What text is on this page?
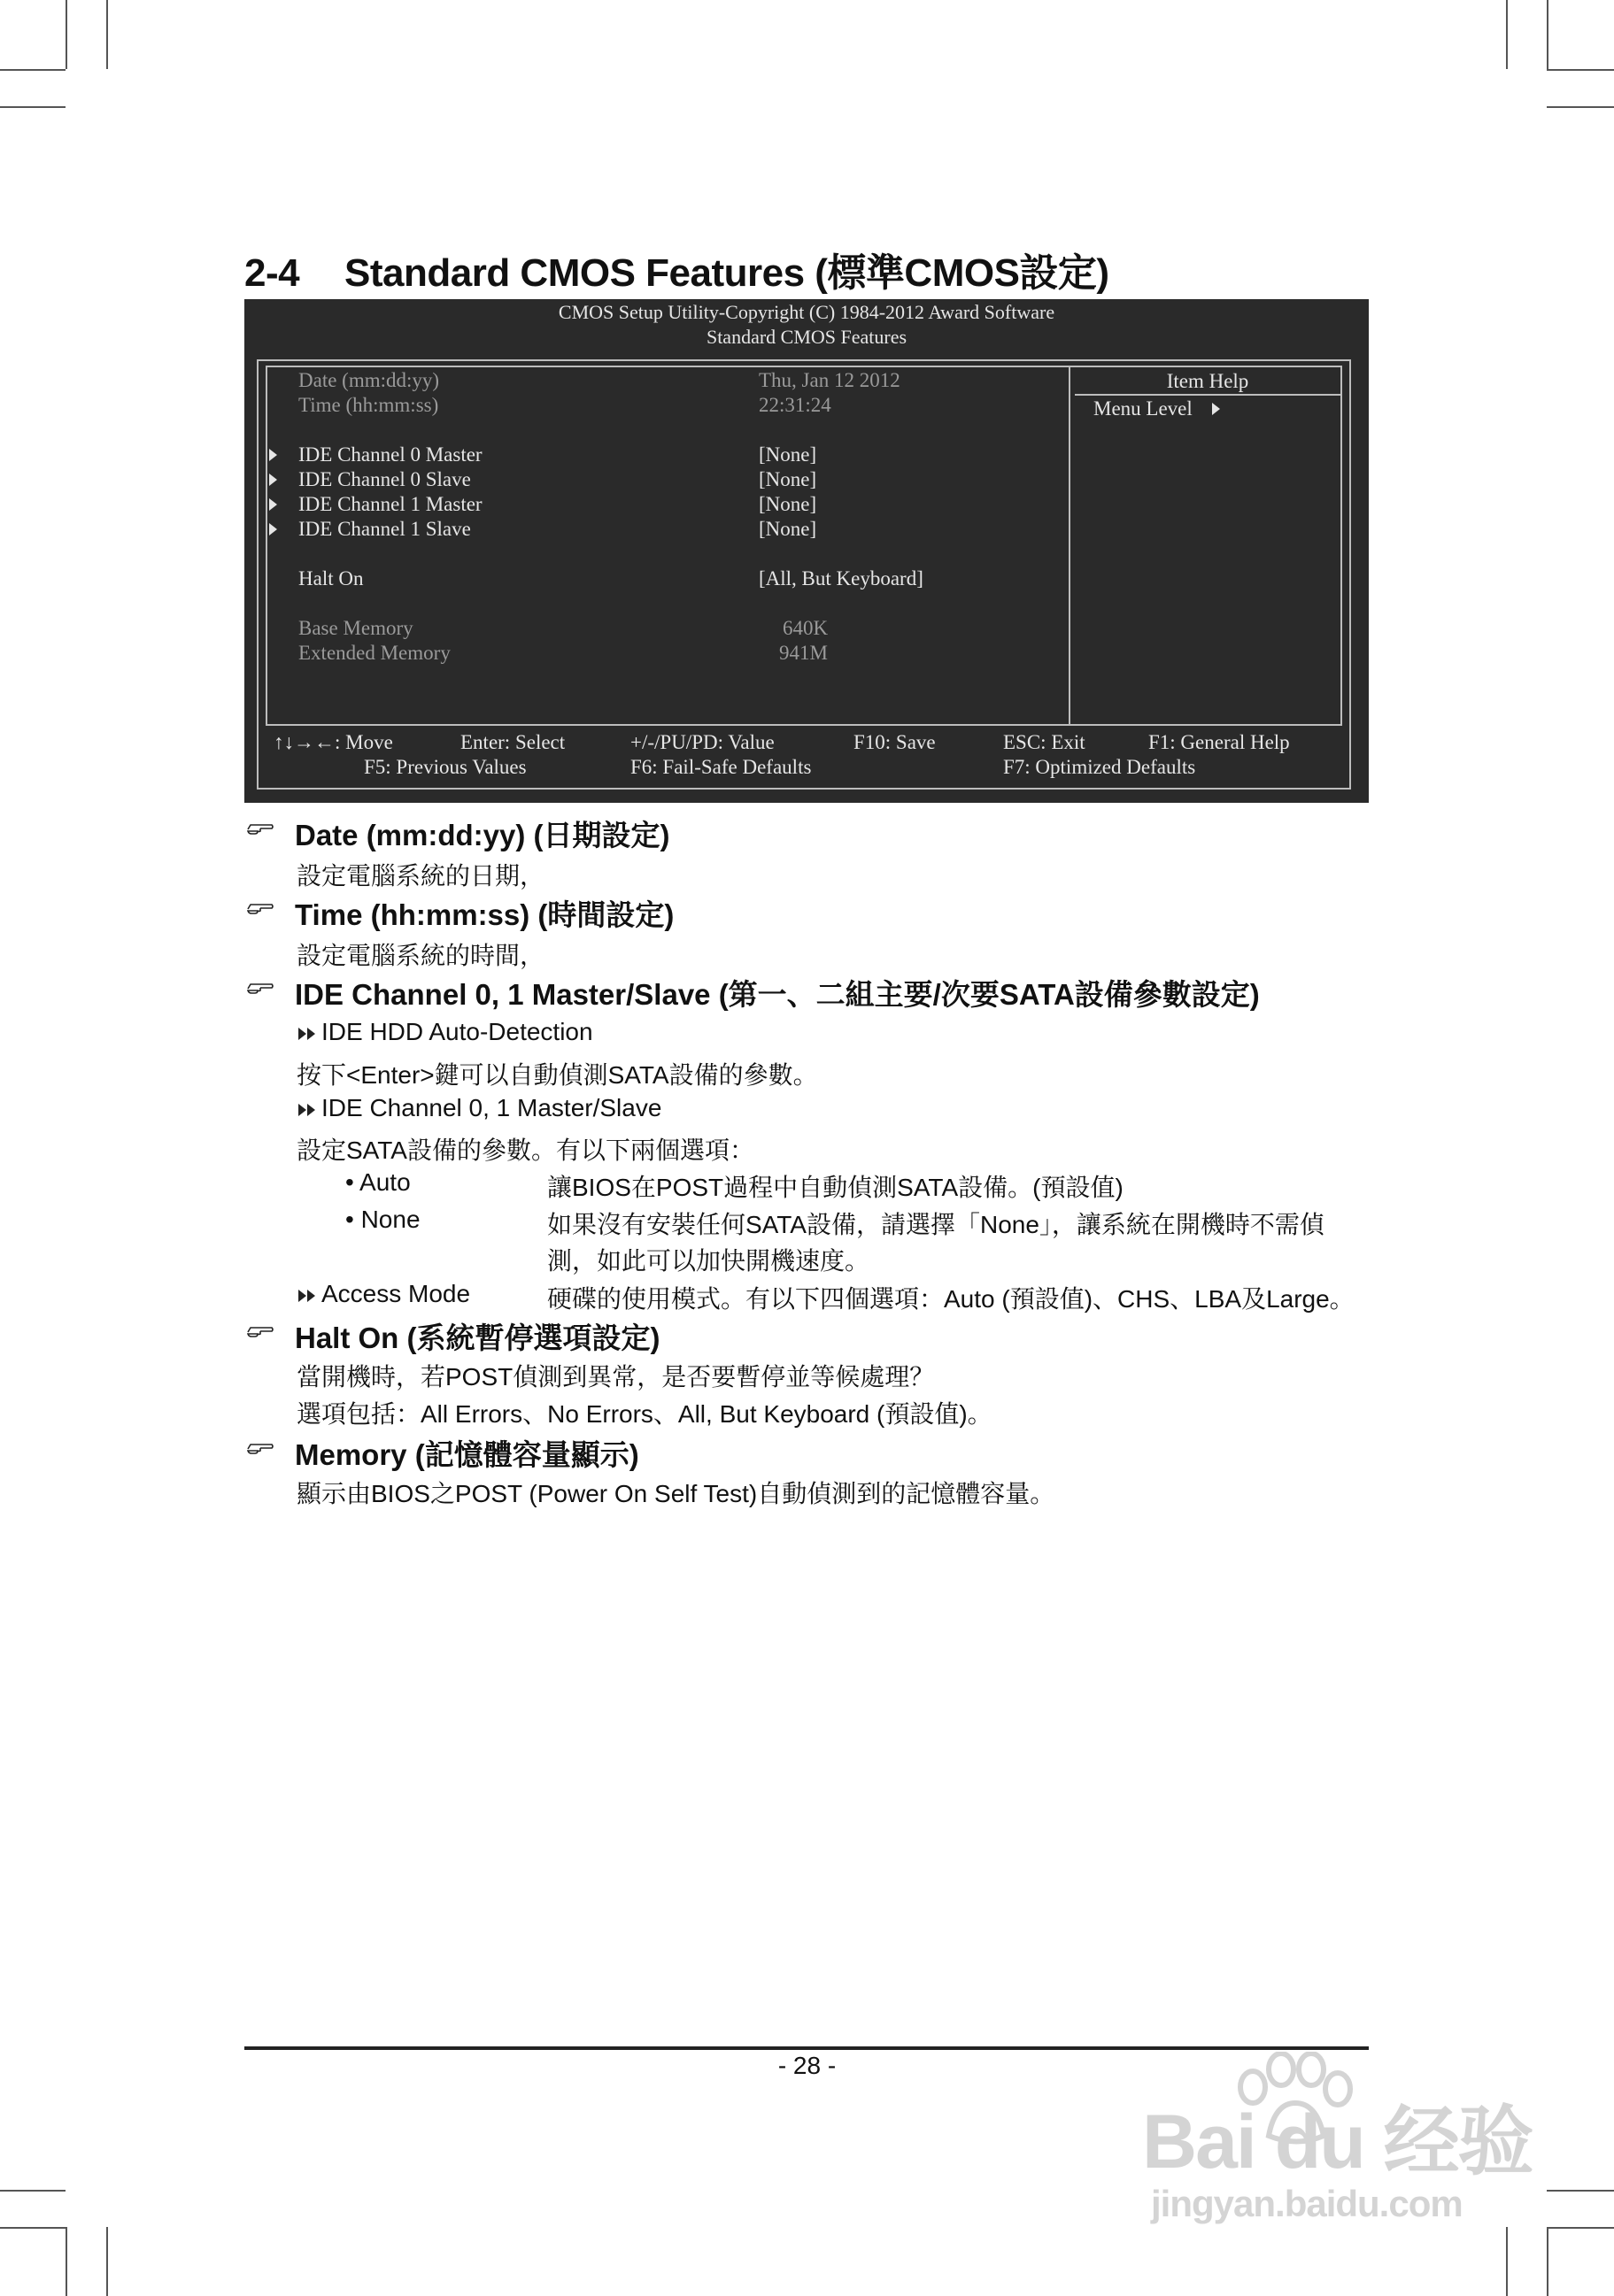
2-4 Standard CMOS Features (標準CMOS設定)
CMOS Setup Utility-Copyright (C) 1984-2012 Award Software
Standard CMOS Features
Date (mm:dd:yy)	Thu, Jan 12 2012
Time (hh:mm:ss)	22:31:24
IDE Channel 0 Master	[None]
IDE Channel 0 Slave	[None]
IDE Channel 1 Master	[None]
IDE Channel 1 Slave	[None]
Halt On	[All, But Keyboard]
Base Memory	640K
Extended Memory	941M
Item Help
Menu Level
↑↓→←: Move	Enter: Select	+/-/PU/PD: Value	F10: Save	ESC: Exit	F1: General Help
F5: Previous Values	F6: Fail-Safe Defaults	F7: Optimized Defaults
Date (mm:dd:yy) (日期設定)
設定電腦系統的日期，
Time (hh:mm:ss) (時間設定)
設定電腦系統的時間，
IDE Channel 0, 1 Master/Slave (第一、二組主要/次要SATA設備參數設定)
IDE HDD Auto-Detection
按下<Enter>鍵可以自動偵測SATA設備的參數。
IDE Channel 0, 1 Master/Slave
設定SATA設備的參數。有以下兩個選項：
• Auto	讓BIOS在POST過程中自動偵測SATA設備。(預設值)
• None	如果沒有安裝任何SATA設備，請選擇「None」，讓系統在開機時不需偵
測，如此可以加快開機速度。
Access Mode	硬碟的使用模式。有以下四個選項：Auto (預設值)、CHS、LBA及Large。
Halt On (系統暫停選項設定)
當開機時，若POST偵測到異常，是否要暫停並等候處理？
選項包括：All Errors、No Errors、All, But Keyboard (預設值)。
Memory (記憶體容量顯示)
顯示由BIOS之POST (Power On Self Test)自動偵測到的記憶體容量。
- 28 -
Bai du 经验
jingyan.baidu.com
